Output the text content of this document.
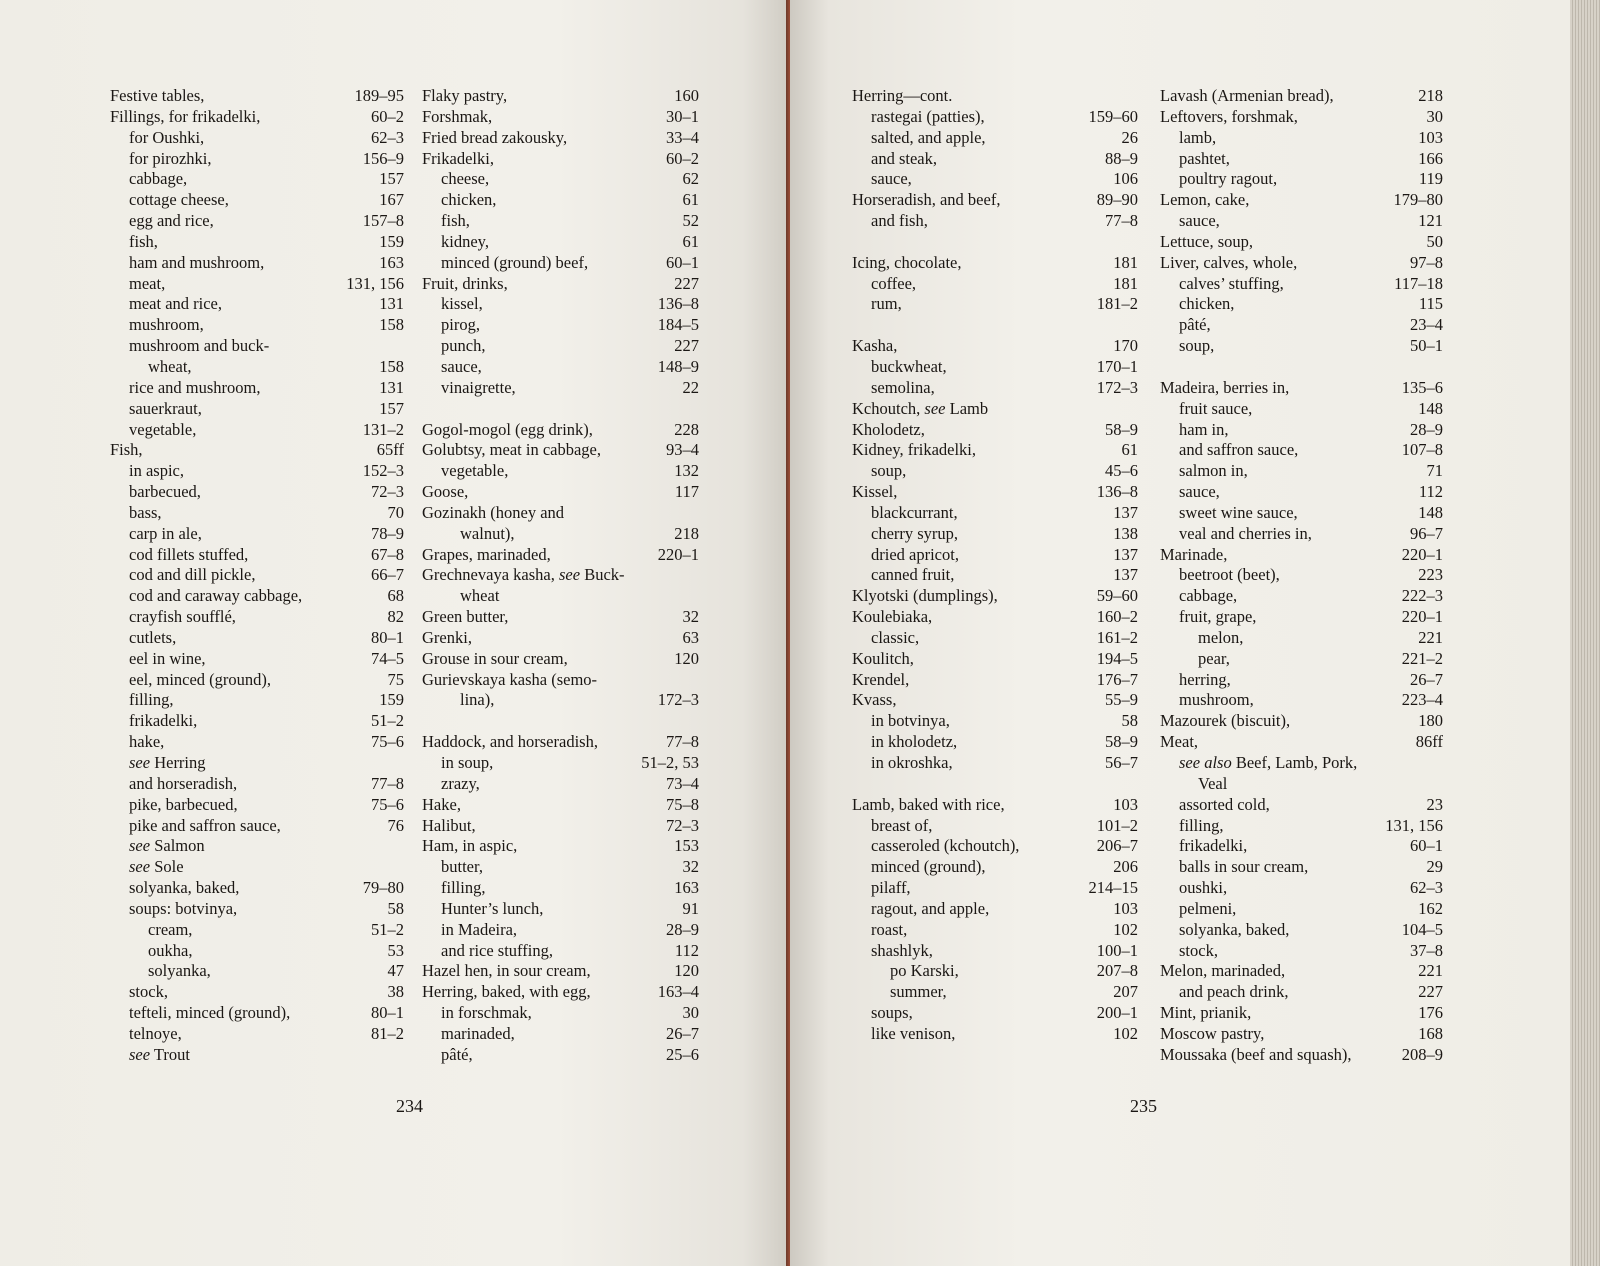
Festive tables,	189–95
Fillings, for frikadelki,	60–2
for Oushki,	62–3
for pirozhki,	156–9
cabbage,	157
cottage cheese,	167
egg and rice,	157–8
fish,	159
ham and mushroom,	163
meat,	131, 156
meat and rice,	131
mushroom,	158
mushroom and buck-
wheat,	158
rice and mushroom,	131
sauerkraut,	157
vegetable,	131–2
Fish,	65ff
in aspic,	152–3
barbecued,	72–3
bass,	70
carp in ale,	78–9
cod fillets stuffed,	67–8
cod and dill pickle,	66–7
cod and caraway cabbage,	68
crayfish soufflé,	82
cutlets,	80–1
eel in wine,	74–5
eel, minced (ground),	75
filling,	159
frikadelki,	51–2
hake,	75–6
see Herring
and horseradish,	77–8
pike, barbecued,	75–6
pike and saffron sauce,	76
see Salmon
see Sole
solyanka, baked,	79–80
soups: botvinya,	58
cream,	51–2
oukha,	53
solyanka,	47
stock,	38
tefteli, minced (ground),	80–1
telnoye,	81–2
see Trout
Flaky pastry,	160
Forshmak,	30–1
Fried bread zakousky,	33–4
Frikadelki,	60–2
cheese,	62
chicken,	61
fish,	52
kidney,	61
minced (ground) beef,	60–1
Fruit, drinks,	227
kissel,	136–8
pirog,	184–5
punch,	227
sauce,	148–9
vinaigrette,	22
Gogol-mogol (egg drink),	228
Golubtsy, meat in cabbage,	93–4
vegetable,	132
Goose,	117
Gozinakh (honey and
walnut),	218
Grapes, marinaded,	220–1
Grechnevaya kasha, see Buck-
wheat
Green butter,	32
Grenki,	63
Grouse in sour cream,	120
Gurievskaya kasha (semo-
lina),	172–3
Haddock, and horseradish,	77–8
in soup,	51–2, 53
zrazy,	73–4
Hake,	75–8
Halibut,	72–3
Ham, in aspic,	153
butter,	32
filling,	163
Hunter’s lunch,	91
in Madeira,	28–9
and rice stuffing,	112
Hazel hen, in sour cream,	120
Herring, baked, with egg,	163–4
in forschmak,	30
marinaded,	26–7
pâté,	25–6
234
Herring—cont.
rastegai (patties),	159–60
salted, and apple,	26
and steak,	88–9
sauce,	106
Horseradish, and beef,	89–90
and fish,	77–8
Icing, chocolate,	181
coffee,	181
rum,	181–2
Kasha,	170
buckwheat,	170–1
semolina,	172–3
Kchoutch, see Lamb
Kholodetz,	58–9
Kidney, frikadelki,	61
soup,	45–6
Kissel,	136–8
blackcurrant,	137
cherry syrup,	138
dried apricot,	137
canned fruit,	137
Klyotski (dumplings),	59–60
Koulebiaka,	160–2
classic,	161–2
Koulitch,	194–5
Krendel,	176–7
Kvass,	55–9
in botvinya,	58
in kholodetz,	58–9
in okroshka,	56–7
Lamb, baked with rice,	103
breast of,	101–2
casseroled (kchoutch),	206–7
minced (ground),	206
pilaff,	214–15
ragout, and apple,	103
roast,	102
shashlyk,	100–1
po Karski,	207–8
summer,	207
soups,	200–1
like venison,	102
Lavash (Armenian bread),	218
Leftovers, forshmak,	30
lamb,	103
pashtet,	166
poultry ragout,	119
Lemon, cake,	179–80
sauce,	121
Lettuce, soup,	50
Liver, calves, whole,	97–8
calves’ stuffing,	117–18
chicken,	115
pâté,	23–4
soup,	50–1
Madeira, berries in,	135–6
fruit sauce,	148
ham in,	28–9
and saffron sauce,	107–8
salmon in,	71
sauce,	112
sweet wine sauce,	148
veal and cherries in,	96–7
Marinade,	220–1
beetroot (beet),	223
cabbage,	222–3
fruit, grape,	220–1
melon,	221
pear,	221–2
herring,	26–7
mushroom,	223–4
Mazourek (biscuit),	180
Meat,	86ff
see also Beef, Lamb, Pork,
Veal
assorted cold,	23
filling,	131, 156
frikadelki,	60–1
balls in sour cream,	29
oushki,	62–3
pelmeni,	162
solyanka, baked,	104–5
stock,	37–8
Melon, marinaded,	221
and peach drink,	227
Mint, prianik,	176
Moscow pastry,	168
Moussaka (beef and squash),	208–9
235
